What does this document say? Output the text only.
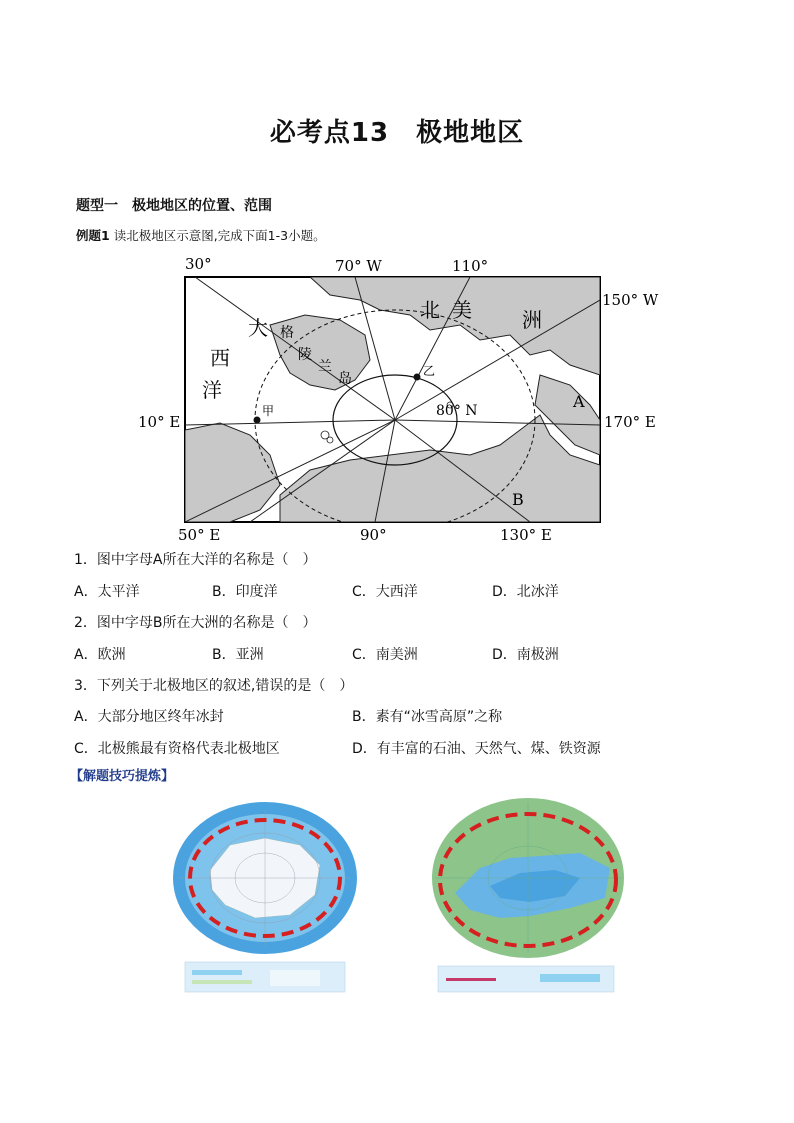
必考点13　极地地区
题型一　极地地区的位置、范围
例题1 读北极地区示意图,完成下面1-3小题。
30°	70° W	110°
150° W
10° E	170° E
50° E	90°	130° E
80° N
大
西
洋
北 美	洲
格
陵
兰
岛
甲
乙
A
B
1．图中字母A所在大洋的名称是（　）
A．太平洋	B．印度洋	C．大西洋	D．北冰洋
2．图中字母B所在大洲的名称是（　）
A．欧洲	B．亚洲	C．南美洲	D．南极洲
3．下列关于北极地区的叙述,错误的是（　）
A．大部分地区终年冰封	B．素有“冰雪高原”之称
C．北极熊最有资格代表北极地区	D．有丰富的石油、天然气、煤、铁资源
【解题技巧提炼】
